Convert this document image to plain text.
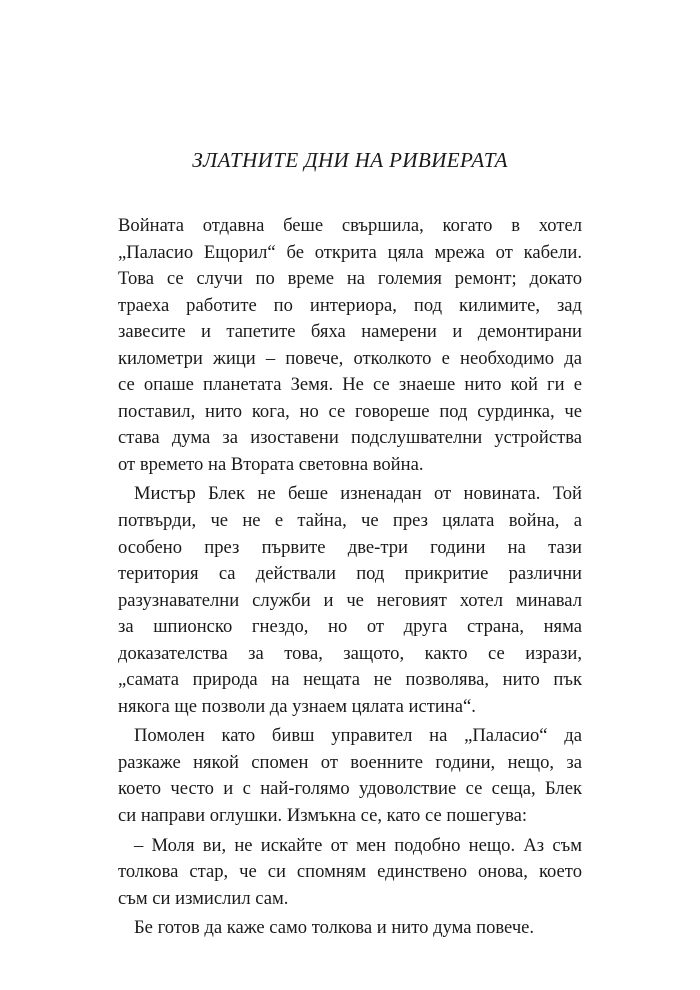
ЗЛАТНИТЕ ДНИ НА РИВИЕРАТА

Войната отдавна беше свършила, когато в хотел
„Паласио Ещорил“ бе открита цяла мрежа от кабели.
Това се случи по време на големия ремонт; докато
траеха работите по интериора, под килимите, зад
завесите и тапетите бяха намерени и демонтирани
километри жици – повече, отколкото е необходимо да
се опаше планетата Земя. Не се знаеше нито кой ги е
поставил, нито кога, но се говореше под сурдинка, че
става дума за изоставени подслушвателни устройства
от времето на Втората световна война.

Мистър Блек не беше изненадан от новината. Той
потвърди, че не е тайна, че през цялата война, а
особено през първите две-три години на тази
територия са действали под прикритие различни
разузнавателни служби и че неговият хотел минавал
за шпионско гнездо, но от друга страна, няма
доказателства за това, защото, както се изрази,
„самата природа на нещата не позволява, нито пък
някога ще позволи да узнаем цялата истина“.

Помолен като бивш управител на „Паласио“ да
разкаже някой спомен от военните години, нещо, за
което често и с най-голямо удоволствие се сеща, Блек
си направи оглушки. Измъкна се, като се пошегува:

– Моля ви, не искайте от мен подобно нещо. Аз съм
толкова стар, че си спомням единствено онова, което
съм си измислил сам.

Бе готов да каже само толкова и нито дума повече.
